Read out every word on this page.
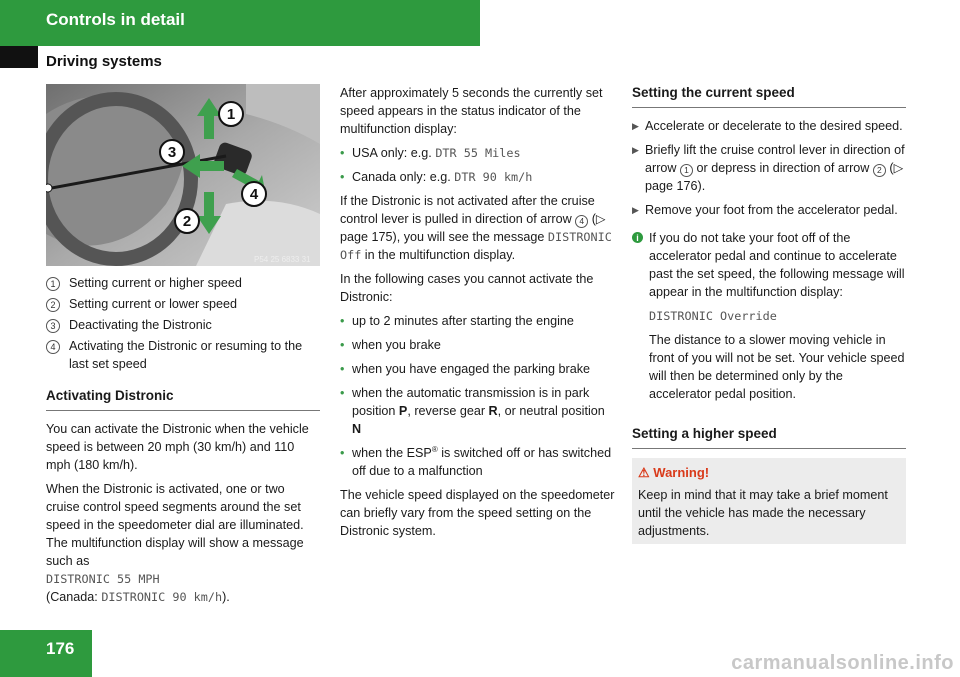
Controls in detail
Driving systems
1
2
3
4
P54 25 6833 31
1	Setting current or higher speed
2	Setting current or lower speed
3	Deactivating the Distronic
4	Activating the Distronic or resuming to the last set speed
Activating Distronic

You can activate the Distronic when the vehicle speed is between 20 mph (30 km/h) and 110 mph (180 km/h).

When the Distronic is activated, one or two cruise control speed segments around the set speed in the speedometer dial are illuminated. The multifunction display will show a message such as
DISTRONIC 55 MPH
(Canada: DISTRONIC 90 km/h).

After approximately 5 seconds the currently set speed appears in the status indicator of the multifunction display:

• USA only: e.g. DTR 55 Miles
• Canada only: e.g. DTR 90 km/h

If the Distronic is not activated after the cruise control lever is pulled in direction of arrow 4 (▷ page 175), you will see the message DISTRONIC Off in the multifunction display.

In the following cases you cannot activate the Distronic:

• up to 2 minutes after starting the engine
• when you brake
• when you have engaged the parking brake
• when the automatic transmission is in park position P, reverse gear R, or neutral position N
• when the ESP® is switched off or has switched off due to a malfunction

The vehicle speed displayed on the speedometer can briefly vary from the speed setting on the Distronic system.

Setting the current speed
▶ Accelerate or decelerate to the desired speed.
▶ Briefly lift the cruise control lever in direction of arrow 1 or depress in direction of arrow 2 (▷ page 176).
▶ Remove your foot from the accelerator pedal.
i If you do not take your foot off of the accelerator pedal and continue to accelerate past the set speed, the following message will appear in the multifunction display:

DISTRONIC Override

The distance to a slower moving vehicle in front of you will not be set. Your vehicle speed will then be determined only by the accelerator pedal position.

Setting a higher speed
⚠ Warning!
Keep in mind that it may take a brief moment until the vehicle has made the necessary adjustments.
176
carmanualsonline.info
